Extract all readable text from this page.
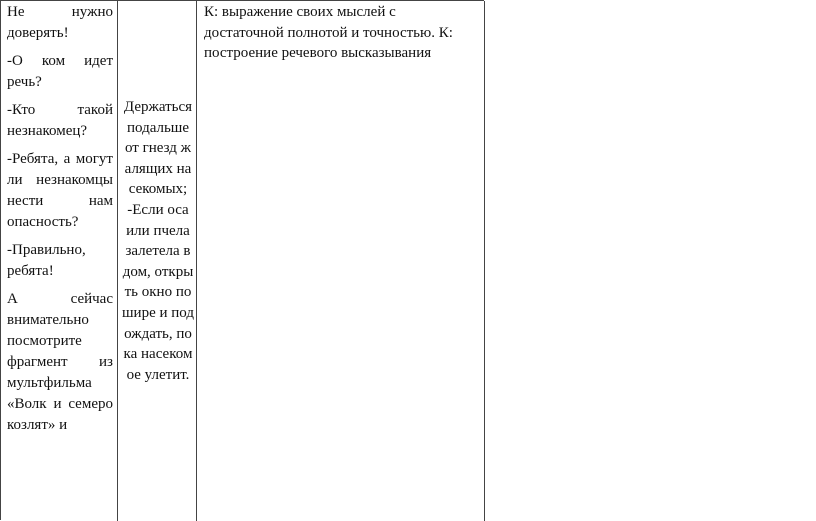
Не нужно доверять!

-О ком идет речь?

-Кто такой незнакомец?

-Ребята, а могут ли незнакомцы нести нам опасность?

-Правильно, ребята!

А сейчас внимательно посмотрите фрагмент из мультфильма «Волк и семеро козлят» и

Держаться подальше от гнезд жалящих насекомых; -Если оса или пчела залетела в дом, открыть окно пошире и подождать, пока насекомое улетит.
К: выражение своих мыслей с достаточной полнотой и точностью. К: построение речевого высказывания
